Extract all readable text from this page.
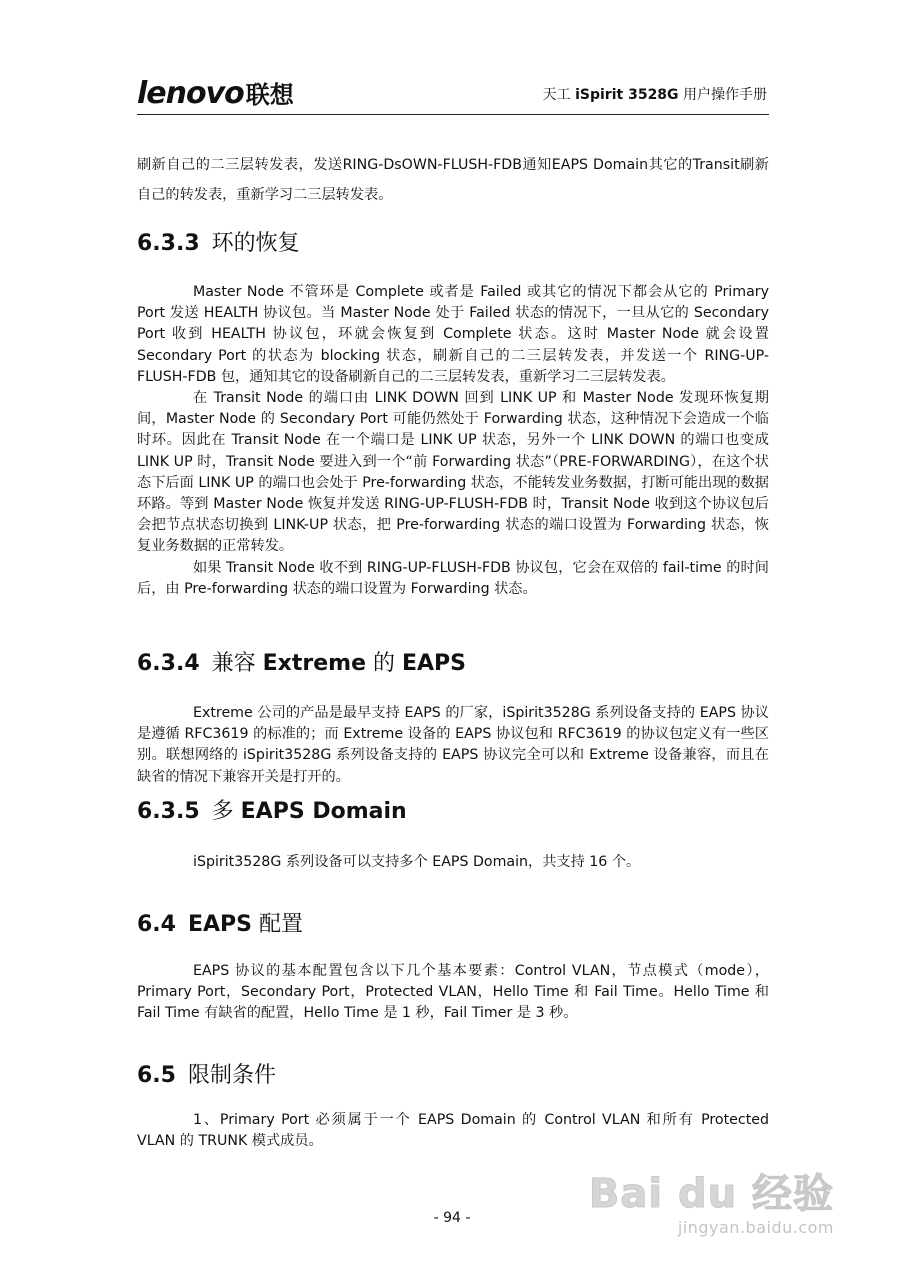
lenovo联想	天工 iSpirit 3528G 用户操作手册

刷新自己的二三层转发表，发送RING-DsOWN-FLUSH-FDB通知EAPS Domain其它的Transit刷新自己的转发表，重新学习二三层转发表。

6.3.3 环的恢复

Master Node 不管环是 Complete 或者是 Failed 或其它的情况下都会从它的 Primary Port 发送 HEALTH 协议包。当 Master Node 处于 Failed 状态的情况下，一旦从它的 Secondary Port 收到 HEALTH 协议包，环就会恢复到 Complete 状态。这时 Master Node 就会设置 Secondary Port 的状态为 blocking 状态，刷新自己的二三层转发表，并发送一个 RING-UP-FLUSH-FDB 包，通知其它的设备刷新自己的二三层转发表，重新学习二三层转发表。

在 Transit Node 的端口由 LINK DOWN 回到 LINK UP 和 Master Node 发现环恢复期间，Master Node 的 Secondary Port 可能仍然处于 Forwarding 状态，这种情况下会造成一个临时环。因此在 Transit Node 在一个端口是 LINK UP 状态，另外一个 LINK DOWN 的端口也变成 LINK UP 时，Transit Node 要进入到一个“前 Forwarding 状态”（PRE-FORWARDING），在这个状态下后面 LINK UP 的端口也会处于 Pre-forwarding 状态，不能转发业务数据，打断可能出现的数据环路。等到 Master Node 恢复并发送 RING-UP-FLUSH-FDB 时，Transit Node 收到这个协议包后会把节点状态切换到 LINK-UP 状态，把 Pre-forwarding 状态的端口设置为 Forwarding 状态，恢复业务数据的正常转发。

如果 Transit Node 收不到 RING-UP-FLUSH-FDB 协议包，它会在双倍的 fail-time 的时间后，由 Pre-forwarding 状态的端口设置为 Forwarding 状态。

6.3.4 兼容 Extreme 的 EAPS

Extreme 公司的产品是最早支持 EAPS 的厂家，iSpirit3528G 系列设备支持的 EAPS 协议是遵循 RFC3619 的标准的；而 Extreme 设备的 EAPS 协议包和 RFC3619 的协议包定义有一些区别。联想网络的 iSpirit3528G 系列设备支持的 EAPS 协议完全可以和 Extreme 设备兼容，而且在缺省的情况下兼容开关是打开的。

6.3.5 多 EAPS Domain

iSpirit3528G 系列设备可以支持多个 EAPS Domain，共支持 16 个。

6.4 EAPS 配置

EAPS 协议的基本配置包含以下几个基本要素：Control VLAN，节点模式（mode），Primary Port，Secondary Port，Protected VLAN，Hello Time 和 Fail Time。Hello Time 和 Fail Time 有缺省的配置，Hello Time 是 1 秒，Fail Timer 是 3 秒。

6.5 限制条件

1、Primary Port 必须属于一个 EAPS Domain 的 Control VLAN 和所有 Protected VLAN 的 TRUNK 模式成员。

- 94 -
Bai du 经验
jingyan.baidu.com
